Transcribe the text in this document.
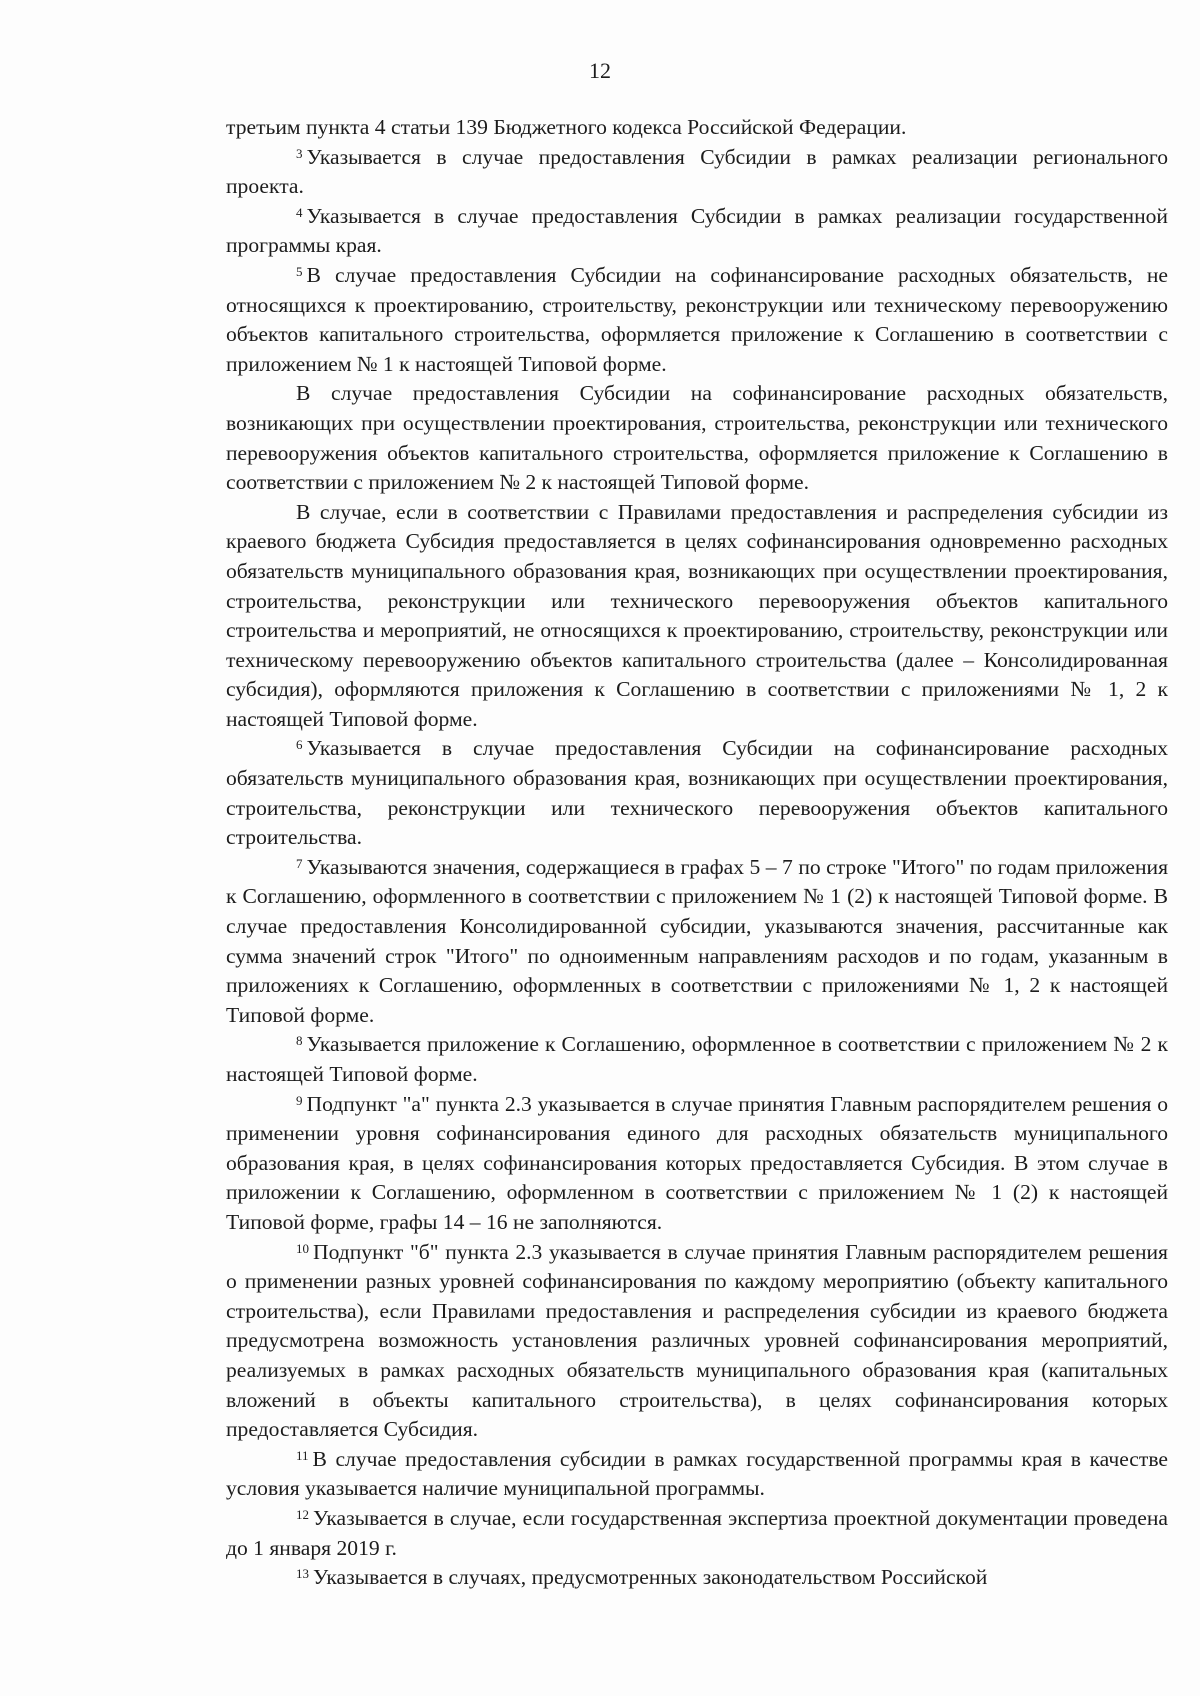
12

третьим пункта 4 статьи 139 Бюджетного кодекса Российской Федерации.

$^3$ Указывается в случае предоставления Субсидии в рамках реализации регионального проекта.

$^4$ Указывается в случае предоставления Субсидии в рамках реализации государственной программы края.

$^5$ В случае предоставления Субсидии на софинансирование расходных обязательств, не относящихся к проектированию, строительству, реконструкции или техническому перевооружению объектов капитального строительства, оформляется приложение к Соглашению в соответствии с приложением № 1 к настоящей Типовой форме.

В случае предоставления Субсидии на софинансирование расходных обязательств, возникающих при осуществлении проектирования, строительства, реконструкции или технического перевооружения объектов капитального строительства, оформляется приложение к Соглашению в соответствии с приложением № 2 к настоящей Типовой форме.

В случае, если в соответствии с Правилами предоставления и распределения субсидии из краевого бюджета Субсидия предоставляется в целях софинансирования одновременно расходных обязательств муниципального образования края, возникающих при осуществлении проектирования, строительства, реконструкции или технического перевооружения объектов капитального строительства и мероприятий, не относящихся к проектированию, строительству, реконструкции или техническому перевооружению объектов капитального строительства (далее – Консолидированная субсидия), оформляются приложения к Соглашению в соответствии с приложениями № 1, 2 к настоящей Типовой форме.

$^6$ Указывается в случае предоставления Субсидии на софинансирование расходных обязательств муниципального образования края, возникающих при осуществлении проектирования, строительства, реконструкции или технического перевооружения объектов капитального строительства.

$^7$ Указываются значения, содержащиеся в графах 5 – 7 по строке "Итого" по годам приложения к Соглашению, оформленного в соответствии с приложением № 1 (2) к настоящей Типовой форме. В случае предоставления Консолидированной субсидии, указываются значения, рассчитанные как сумма значений строк "Итого" по одноименным направлениям расходов и по годам, указанным в приложениях к Соглашению, оформленных в соответствии с приложениями № 1, 2 к настоящей Типовой форме.

$^8$ Указывается приложение к Соглашению, оформленное в соответствии с приложением № 2 к настоящей Типовой форме.

$^9$ Подпункт "а" пункта 2.3 указывается в случае принятия Главным распорядителем решения о применении уровня софинансирования единого для расходных обязательств муниципального образования края, в целях софинансирования которых предоставляется Субсидия. В этом случае в приложении к Соглашению, оформленном в соответствии с приложением № 1 (2) к настоящей Типовой форме, графы 14 – 16 не заполняются.

$^{10}$ Подпункт "б" пункта 2.3 указывается в случае принятия Главным распорядителем решения о применении разных уровней софинансирования по каждому мероприятию (объекту капитального строительства), если Правилами предоставления и распределения субсидии из краевого бюджета предусмотрена возможность установления различных уровней софинансирования мероприятий, реализуемых в рамках расходных обязательств муниципального образования края (капитальных вложений в объекты капитального строительства), в целях софинансирования которых предоставляется Субсидия.

$^{11}$ В случае предоставления субсидии в рамках государственной программы края в качестве условия указывается наличие муниципальной программы.

$^{12}$ Указывается в случае, если государственная экспертиза проектной документации проведена до 1 января 2019 г.

$^{13}$ Указывается в случаях, предусмотренных законодательством Российской
